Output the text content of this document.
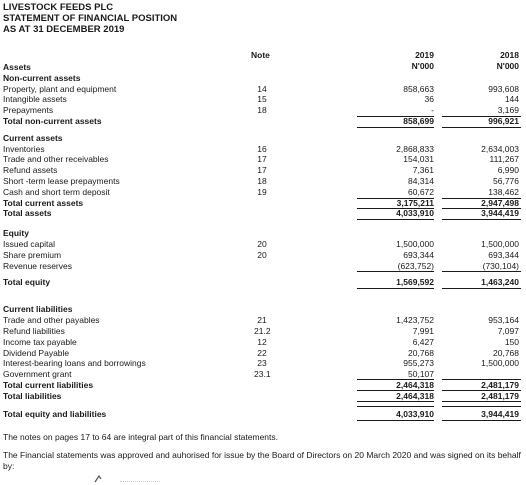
LIVESTOCK FEEDS PLC
STATEMENT OF FINANCIAL POSITION
AS AT 31 DECEMBER 2019
Note	2019	2018
N'000	N'000
Assets
Non-current assets
Property, plant and equipment	14	858,663	993,608
Intangible assets	15	36	144
Prepayments	18	-	3,169
Total non-current assets	858,699	996,921
Current assets
Inventories	16	2,868,833	2,634,003
Trade and other receivables	17	154,031	111,267
Refund assets	17	7,361	6,990
Short -term lease prepayments	18	84,314	56,776
Cash and short term deposit	19	60,672	138,462
Total current assets	3,175,211	2,947,498
Total assets	4,033,910	3,944,419
Equity
Issued capital	20	1,500,000	1,500,000
Share premium	20	693,344	693,344
Revenue reserves	(623,752)	(730,104)
Total equity	1,569,592	1,463,240
Current liabilities
Trade and other payables	21	1,423,752	953,164
Refund liabilities	21.2	7,991	7,097
Income tax payable	12	6,427	150
Dividend Payable	22	20,768	20,768
Interest-bearing loans and borrowings	23	955,273	1,500,000
Government grant	23.1	50,107
Total current liabilities	2,464,318	2,481,179
Total liabilities	2,464,318	2,481,179
Total equity and liabilities	4,033,910	3,944,419
The notes on pages 17 to 64 are integral part of this financial statements.
The Financial statements was approved and auhorised for issue by the Board of Directors on 20 March 2020 and was signed on its behalf by:
